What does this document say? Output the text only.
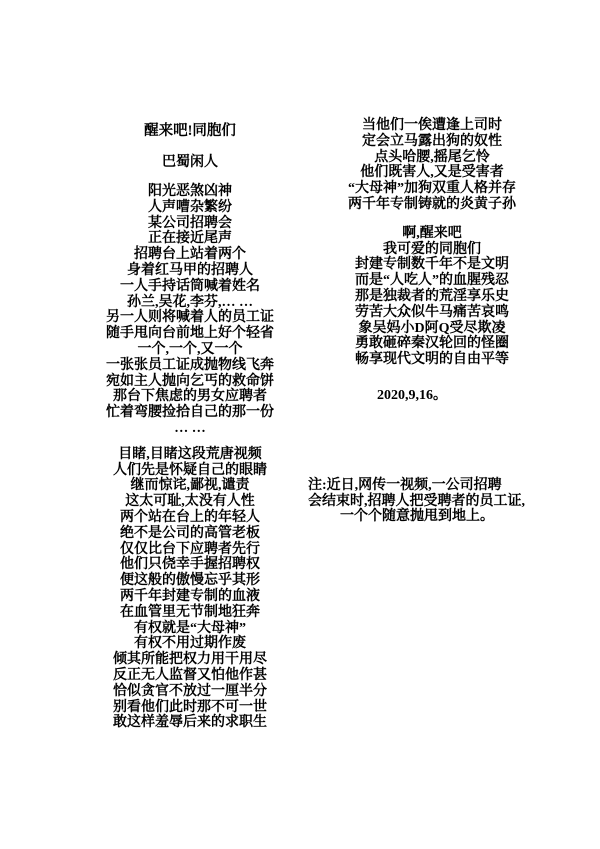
醒来吧!同胞们
巴蜀闲人
阳光恶煞凶神
人声嘈杂繁纷
某公司招聘会
正在接近尾声
招聘台上站着两个
身着红马甲的招聘人
一人手持话筒喊着姓名
孙兰,吴花,李芬,… …
另一人则将喊着人的员工证
随手甩向台前地上好个轻省
一个,一个,又一个
一张张员工证成抛物线飞奔
宛如主人抛向乞丐的救命饼
那台下焦虑的男女应聘者
忙着弯腰捡拾自己的那一份
… …
目睹,目睹这段荒唐视频
人们先是怀疑自己的眼睛
继而惊诧,鄙视,谴责
这太可耻,太没有人性
两个站在台上的年轻人
绝不是公司的高管老板
仅仅比台下应聘者先行
他们只侥幸手握招聘权
便这般的傲慢忘乎其形
两千年封建专制的血液
在血管里无节制地狂奔
有权就是“大母神”
有权不用过期作废
倾其所能把权力用干用尽
反正无人监督又怕他作甚
恰似贪官不放过一厘半分
别看他们此时那不可一世
敢这样羞辱后来的求职生
当他们一俟遭逢上司时
定会立马露出狗的奴性
点头哈腰,摇尾乞怜
他们既害人,又是受害者
“大母神”加狗双重人格并存
两千年专制铸就的炎黄子孙
啊,醒来吧
我可爱的同胞们
封建专制数千年不是文明
而是“人吃人”的血腥残忍
那是独裁者的荒淫享乐史
劳苦大众似牛马痛苦哀鸣
象吴妈小D阿Q受尽欺凌
勇敢砸碎秦汉轮回的怪圈
畅享现代文明的自由平等
2020,9,16。
注:近日,网传一视频,一公司招聘
会结束时,招聘人把受聘者的员工证,
一个个随意抛甩到地上。
